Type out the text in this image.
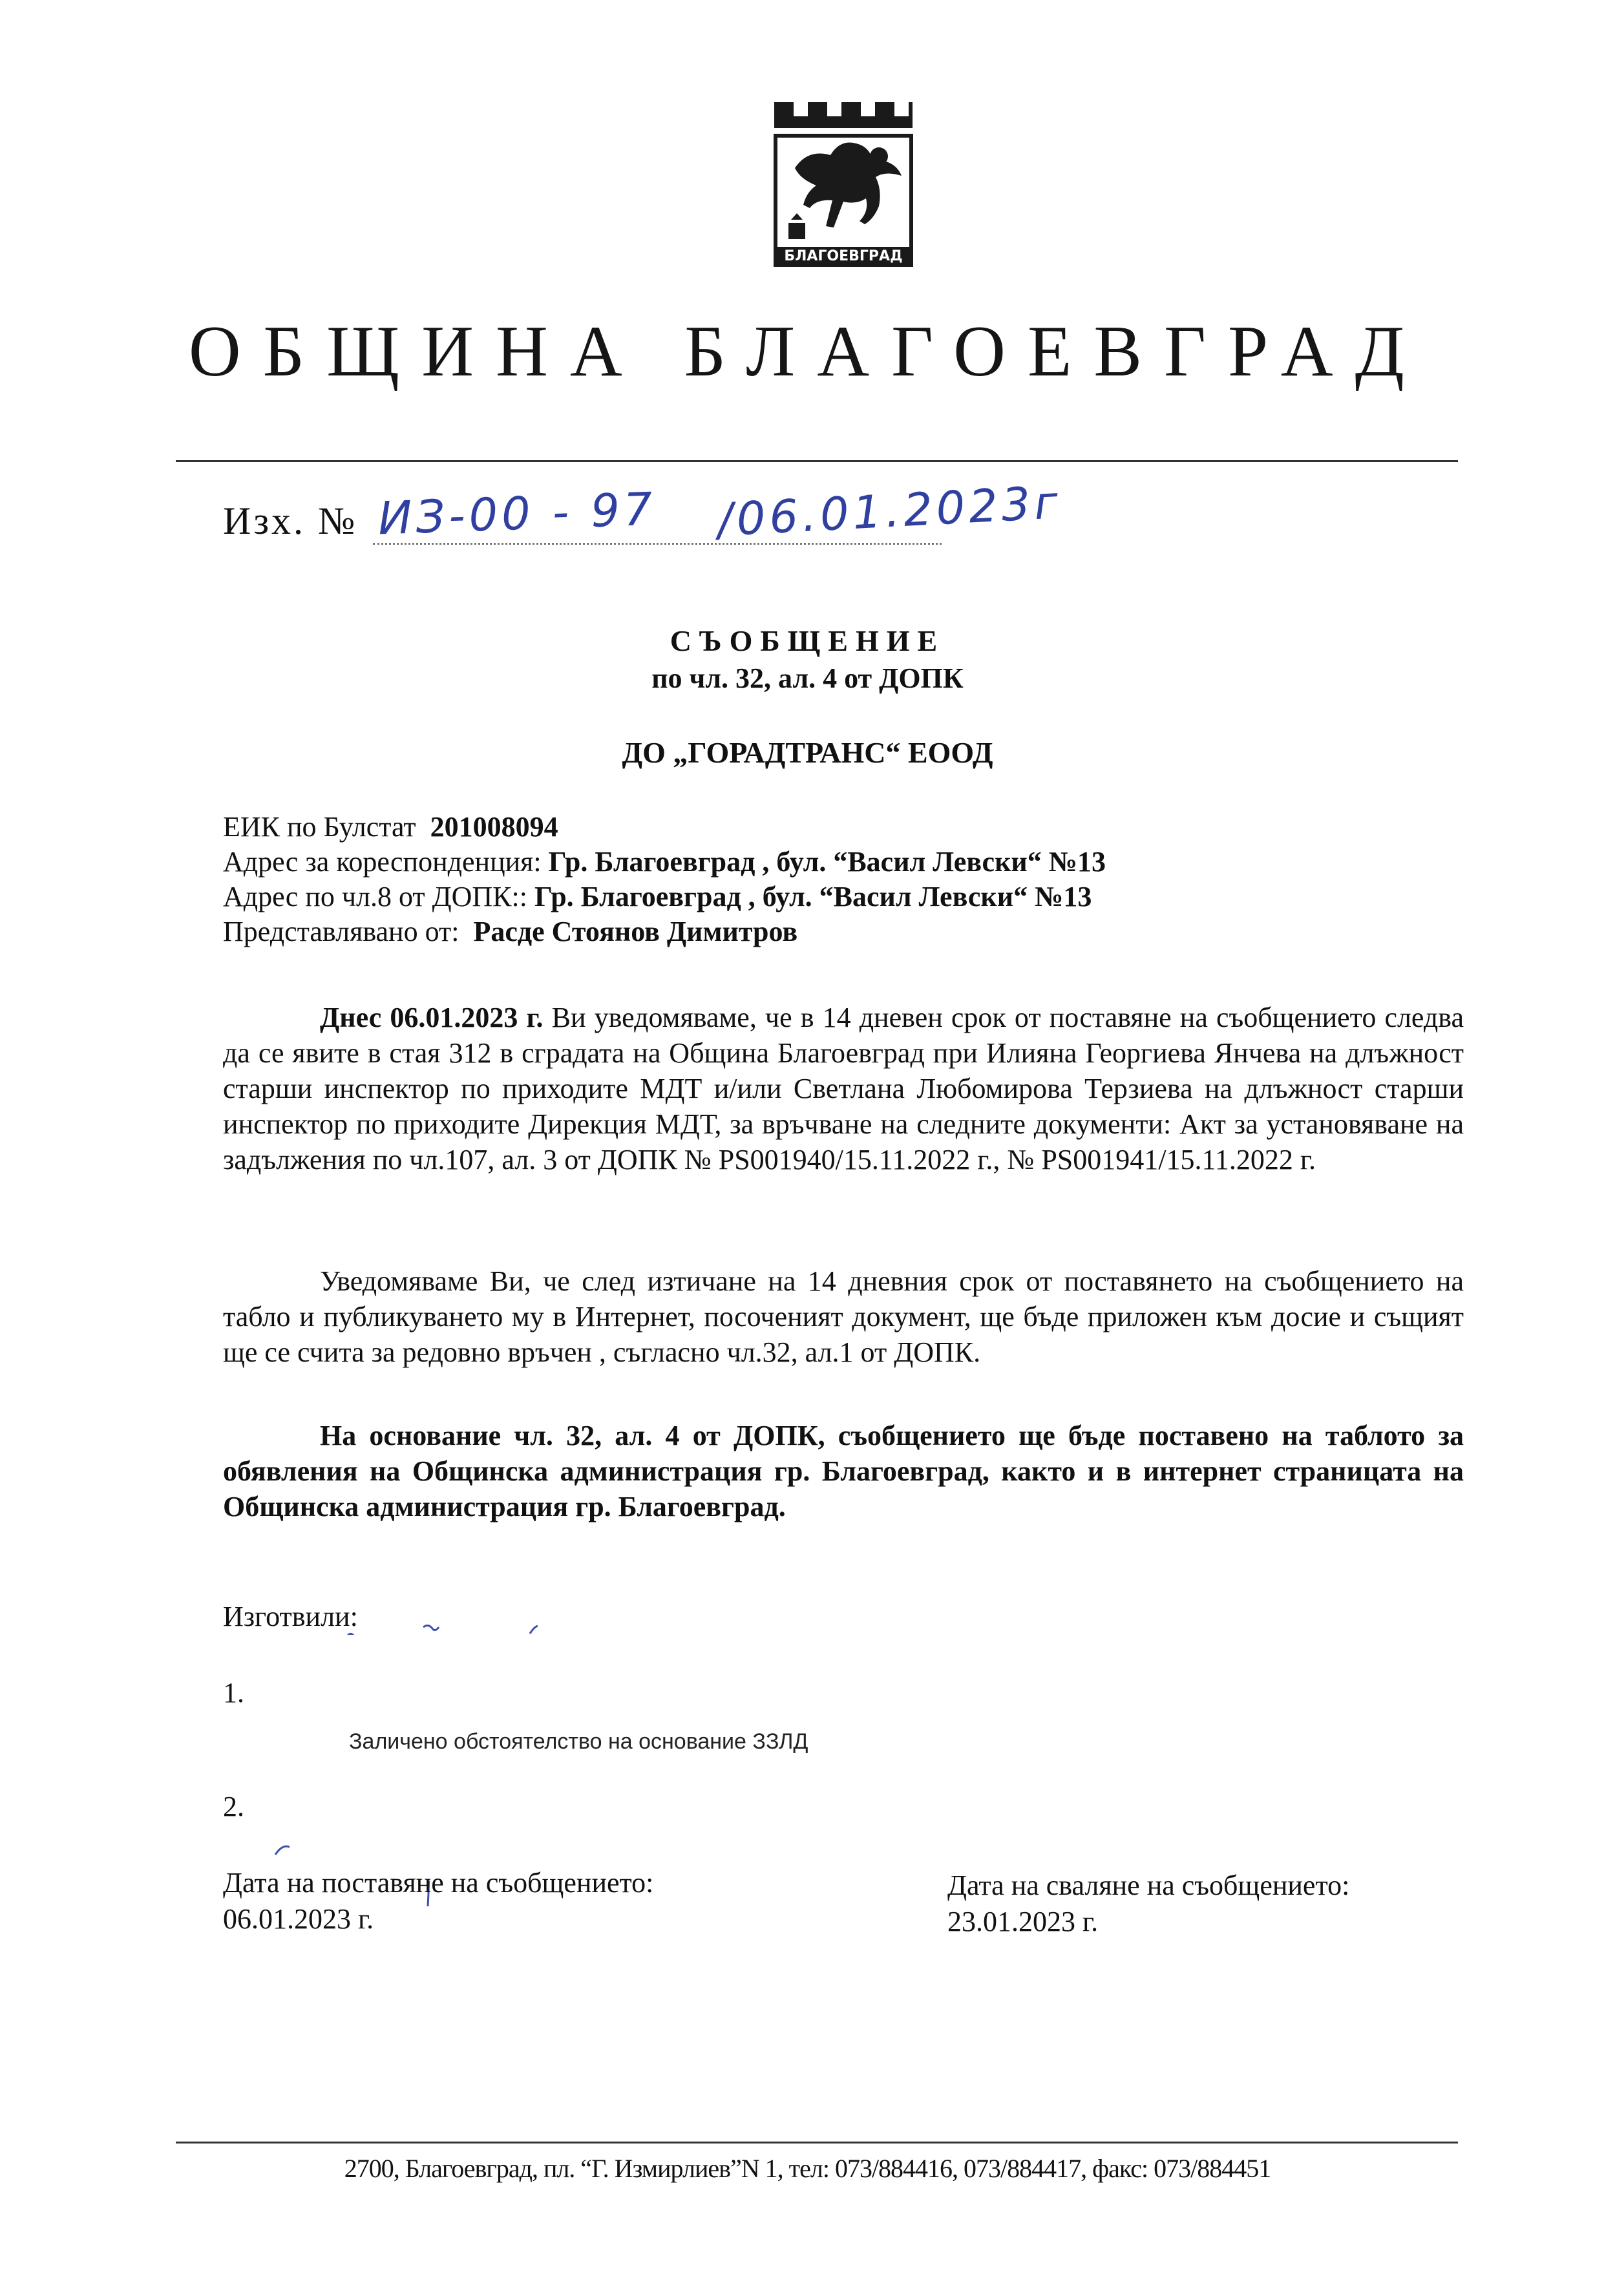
БЛАГОЕВГРАД
ОБЩИНА БЛАГОЕВГРАД
Изх. № ИЗ-00 - 97 /06.01.2023г
СЪОБЩЕНИЕ
по чл. 32, ал. 4 от ДОПК
ДО „ГОРАДТРАНС“ ЕООД
ЕИК по Булстат 201008094
Адрес за кореспонденция: Гр. Благоевград , бул. “Васил Левски“ №13
Адрес по чл.8 от ДОПК:: Гр. Благоевград , бул. “Васил Левски“ №13
Представлявано от: Расде Стоянов Димитров
Днес 06.01.2023 г. Ви уведомяваме, че в 14 дневен срок от поставяне на съобщението следва да се явите в стая 312 в сградата на Община Благоевград при Илияна Георгиева Янчева на длъжност старши инспектор по приходите МДТ и/или Светлана Любомирова Терзиева на длъжност старши инспектор по приходите Дирекция МДТ, за връчване на следните документи: Акт за установяване на задължения по чл.107, ал. 3 от ДОПК № PS001940/15.11.2022 г., № PS001941/15.11.2022 г.
Уведомяваме Ви, че след изтичане на 14 дневния срок от поставянето на съобщението на табло и публикуването му в Интернет, посоченият документ, ще бъде приложен към досие и същият ще се счита за редовно връчен , съгласно чл.32, ал.1 от ДОПК.
На основание чл. 32, ал. 4 от ДОПК, съобщението ще бъде поставено на таблото за обявления на Общинска администрация гр. Благоевград, както и в интернет страницата на Общинска администрация гр. Благоевград.
Изготвили:
1.
2.
Заличено обстоятелство на основание ЗЗЛД
Дата на поставяне на съобщението:
06.01.2023 г.
Дата на сваляне на съобщението:
23.01.2023 г.
2700, Благоевград, пл. “Г. Измирлиев”N 1, тел: 073/884416, 073/884417, факс: 073/884451
